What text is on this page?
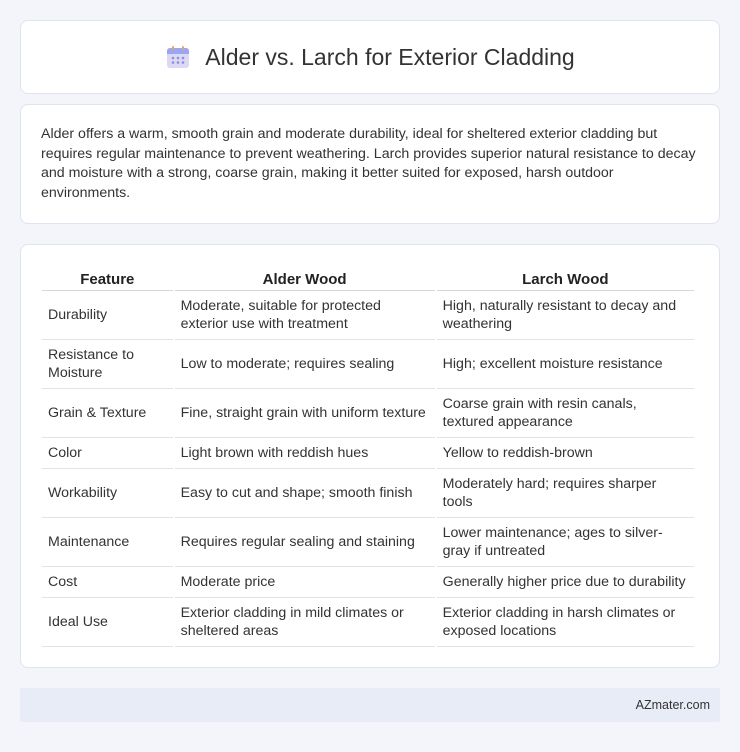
Alder vs. Larch for Exterior Cladding

Alder offers a warm, smooth grain and moderate durability, ideal for sheltered exterior cladding but requires regular maintenance to prevent weathering. Larch provides superior natural resistance to decay and moisture with a strong, coarse grain, making it better suited for exposed, harsh outdoor environments.

Feature	Alder Wood	Larch Wood
Durability	Moderate, suitable for protected exterior use with treatment	High, naturally resistant to decay and weathering
Resistance to Moisture	Low to moderate; requires sealing	High; excellent moisture resistance
Grain & Texture	Fine, straight grain with uniform texture	Coarse grain with resin canals, textured appearance
Color	Light brown with reddish hues	Yellow to reddish-brown
Workability	Easy to cut and shape; smooth finish	Moderately hard; requires sharper tools
Maintenance	Requires regular sealing and staining	Lower maintenance; ages to silver-gray if untreated
Cost	Moderate price	Generally higher price due to durability
Ideal Use	Exterior cladding in mild climates or sheltered areas	Exterior cladding in harsh climates or exposed locations
AZmater.com
